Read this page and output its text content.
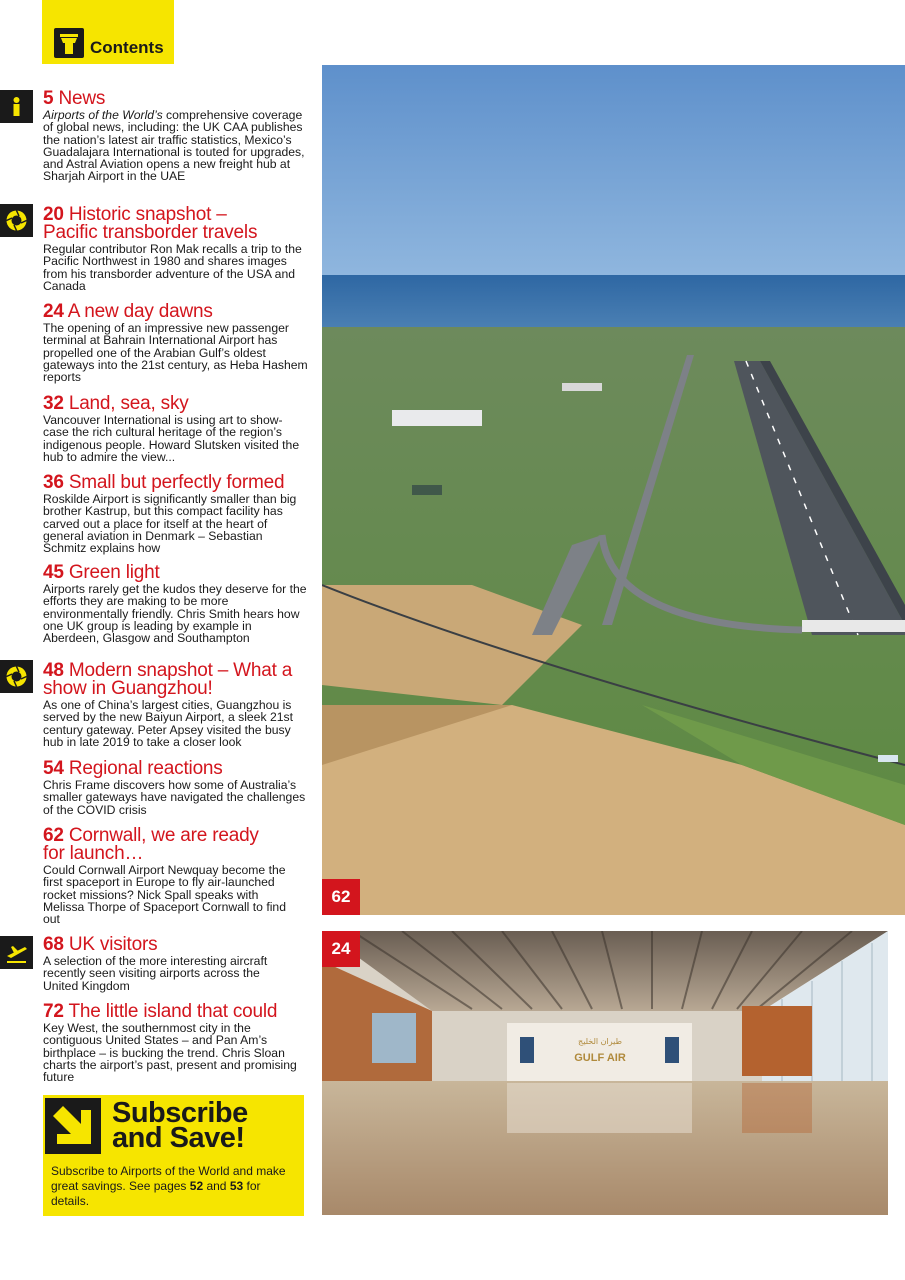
Contents
5 News
Airports of the World’s comprehensive coverage of global news, including: the UK CAA publishes the nation’s latest air traffic statistics, Mexico’s Guadalajara International is touted for upgrades, and Astral Aviation opens a new freight hub at Sharjah Airport in the UAE
20 Historic snapshot – Pacific transborder travels
Regular contributor Ron Mak recalls a trip to the Pacific Northwest in 1980 and shares images from his transborder adventure of the USA and Canada
24 A new day dawns
The opening of an impressive new passenger terminal at Bahrain International Airport has propelled one of the Arabian Gulf’s oldest gateways into the 21st century, as Heba Hashem reports
32 Land, sea, sky
Vancouver International is using art to show-case the rich cultural heritage of the region’s indigenous people. Howard Slutsken visited the hub to admire the view...
36 Small but perfectly formed
Roskilde Airport is significantly smaller than big brother Kastrup, but this compact facility has carved out a place for itself at the heart of general aviation in Denmark – Sebastian Schmitz explains how
45 Green light
Airports rarely get the kudos they deserve for the efforts they are making to be more environmentally friendly. Chris Smith hears how one UK group is leading by example in Aberdeen, Glasgow and Southampton
48 Modern snapshot – What a show in Guangzhou!
As one of China’s largest cities, Guangzhou is served by the new Baiyun Airport, a sleek 21st century gateway. Peter Apsey visited the busy hub in late 2019 to take a closer look
54 Regional reactions
Chris Frame discovers how some of Australia’s smaller gateways have navigated the challenges of the COVID crisis
62 Cornwall, we are ready for launch…
Could Cornwall Airport Newquay become the first spaceport in Europe to fly air-launched rocket missions? Nick Spall speaks with Melissa Thorpe of Spaceport Cornwall to find out
68 UK visitors
A selection of the more interesting aircraft recently seen visiting airports across the United Kingdom
72 The little island that could
Key West, the southernmost city in the contiguous United States – and Pan Am’s birthplace – is bucking the trend. Chris Sloan charts the airport’s past, present and promising future
Subscribe
and Save!
Subscribe to Airports of the World and make great savings. See pages 52 and 53 for details.
62
طيران الخليج
GULF AIR
24
